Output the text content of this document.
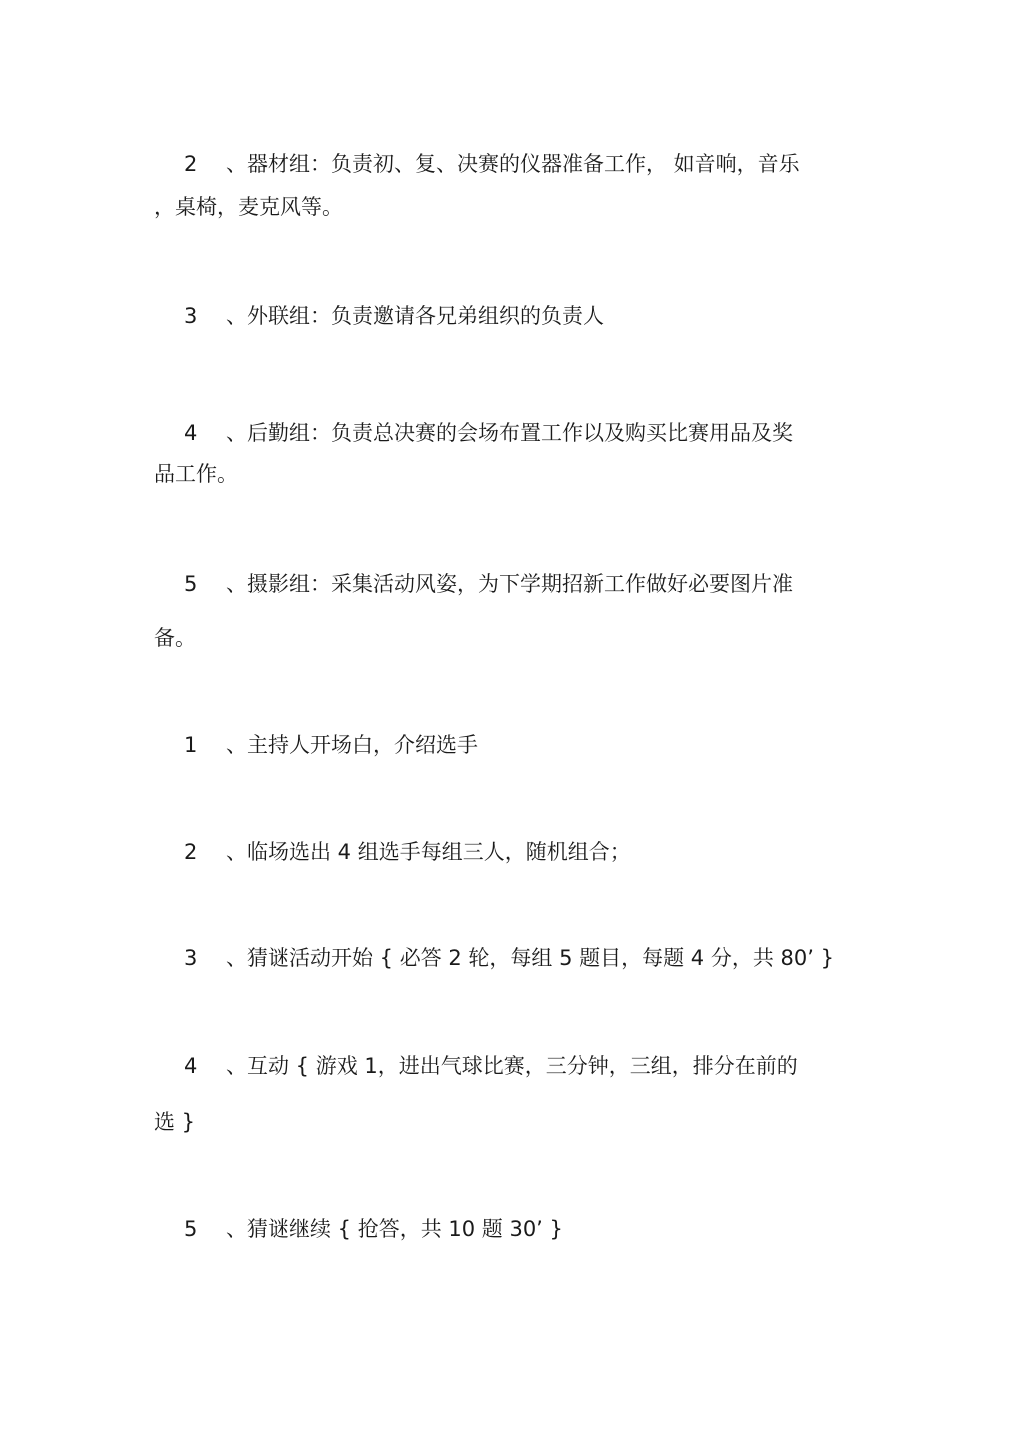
2	、器材组：负责初、复、决赛的仪器准备工作， 如音响，音乐
，桌椅，麦克风等。
3	、外联组：负责邀请各兄弟组织的负责人
4	、后勤组：负责总决赛的会场布置工作以及购买比赛用品及奖
品工作。
5	、摄影组：采集活动风姿，为下学期招新工作做好必要图片准
备。
1	、主持人开场白，介绍选手
2	、临场选出 4 组选手每组三人，随机组合；
3	、猜谜活动开始 { 必答 2 轮，每组 5 题目，每题 4 分，共 80’ }
4	、互动 { 游戏 1，进出气球比赛，三分钟，三组，排分在前的
选 }
5	、猜谜继续 { 抢答，共 10 题 30’ }
